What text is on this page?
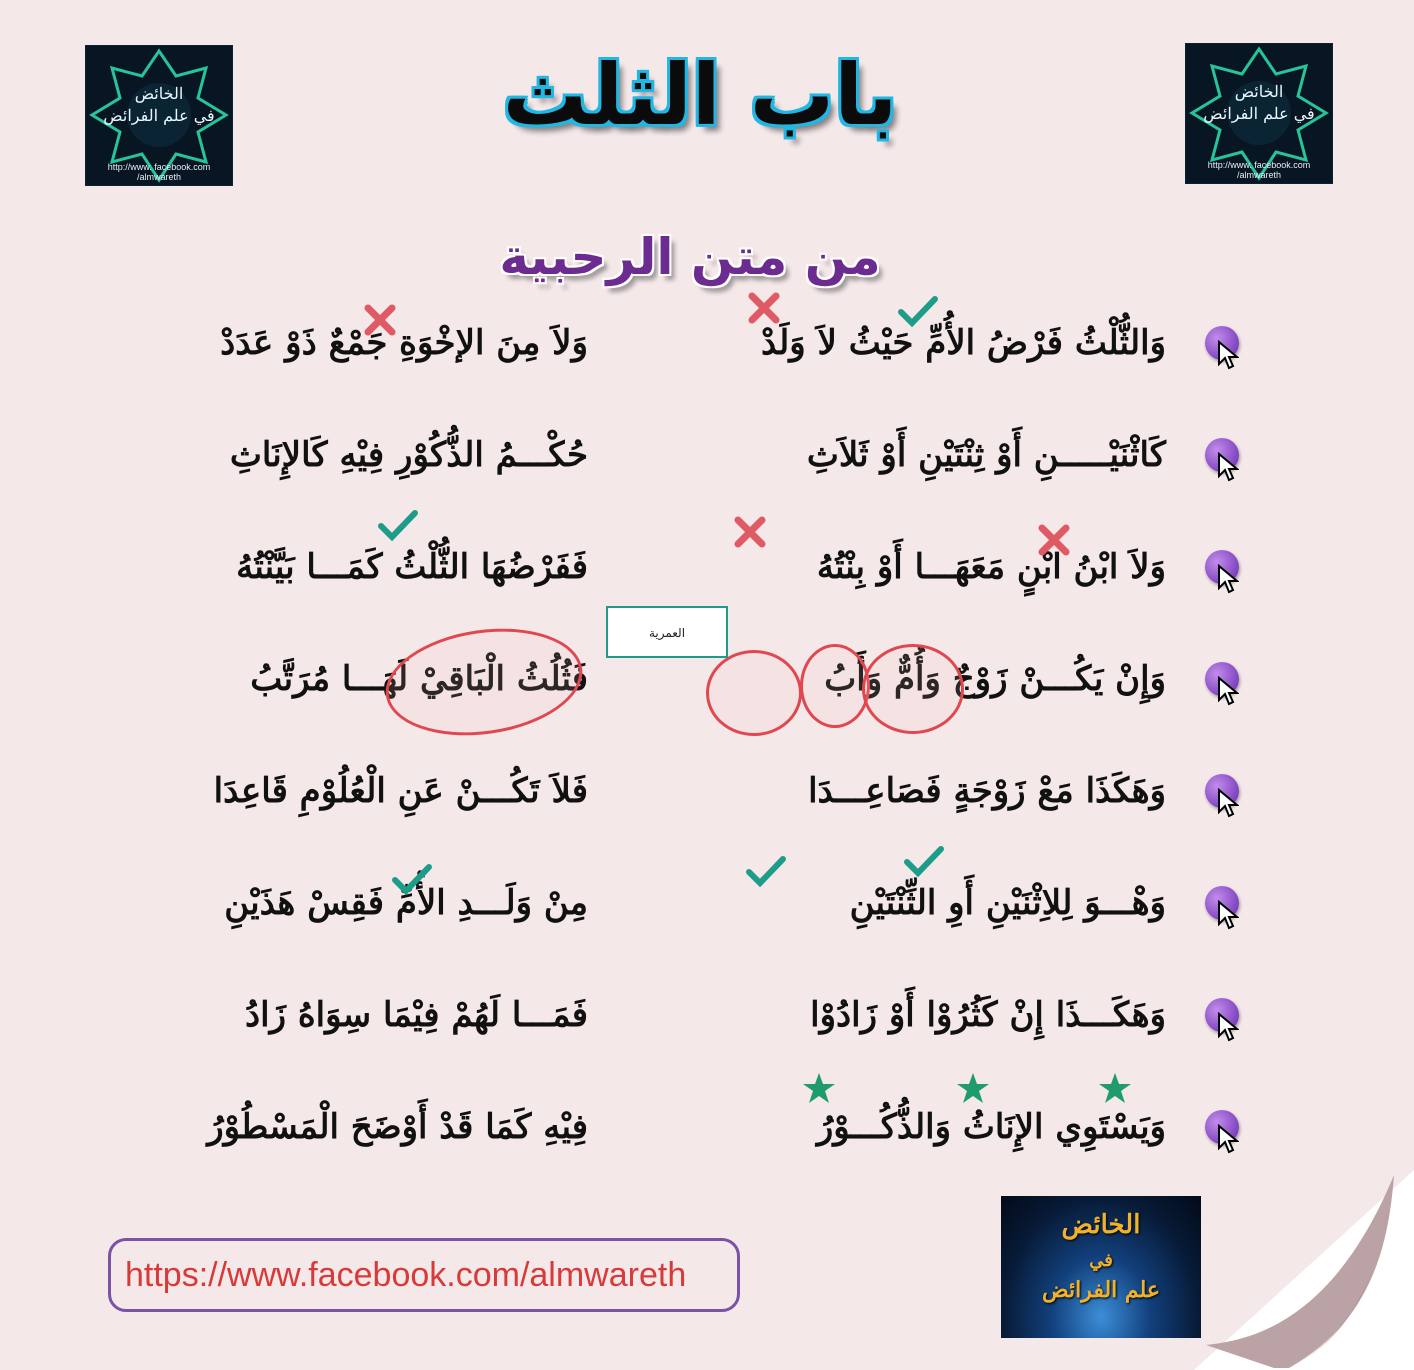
الخائض
في علم الفرائض
http://www. facebook.com /almwareth
الخائض
في علم الفرائض
http://www. facebook.com /almwareth
باب الثلث
من متن الرحبية
وَالثُّلْثُ فَرْضُ الأُمِّ حَيْثُ لاَ وَلَدْ
وَلاَ مِنَ الإخْوَةِ جَمْعٌ ذَوْ عَدَدْ
كَاثْنَيْـــــنِ أَوْ ثِنْتَيْنِ أَوْ ثَلاَثِ
حُكْـــمُ الذُّكُوْرِ فِيْهِ كَالإِنَاثِ
وَلاَ ابْنُ ابْنٍ مَعَهَـــا أَوْ بِنْتُهُ
فَفَرْضُهَا الثُّلْثُ كَمَـــا بَيَّنْتُهُ
وَإِنْ يَكُـــنْ زَوْجٌ وَأُمٌّ وَأَبُ
فَثُلُثُ الْبَاقِيْ لَهَـــا مُرَتَّبُ
وَهَكَذَا مَعْ زَوْجَةٍ فَصَاعِـــدَا
فَلاَ تَكُـــنْ عَنِ الْعُلُوْمِ قَاعِدَا
وَهْـــوَ لِلاِثْنَيْنِ أَوِ الثِّنْتَيْنِ
مِنْ وَلَـــدِ الأُمِّ فَقِسْ هَذَيْنِ
وَهَكَـــذَا إِنْ كَثُرُوْا أَوْ زَادُوْا
فَمَـــا لَهُمْ فِيْمَا سِوَاهُ زَادُ
وَيَسْتَوِي الإِنَاثُ وَالذُّكُـــوْرُ
فِيْهِ كَمَا قَدْ أَوْضَحَ الْمَسْطُوْرُ
العمرية
https://www.facebook.com/almwareth
الخائض
في
علم الفرائض
